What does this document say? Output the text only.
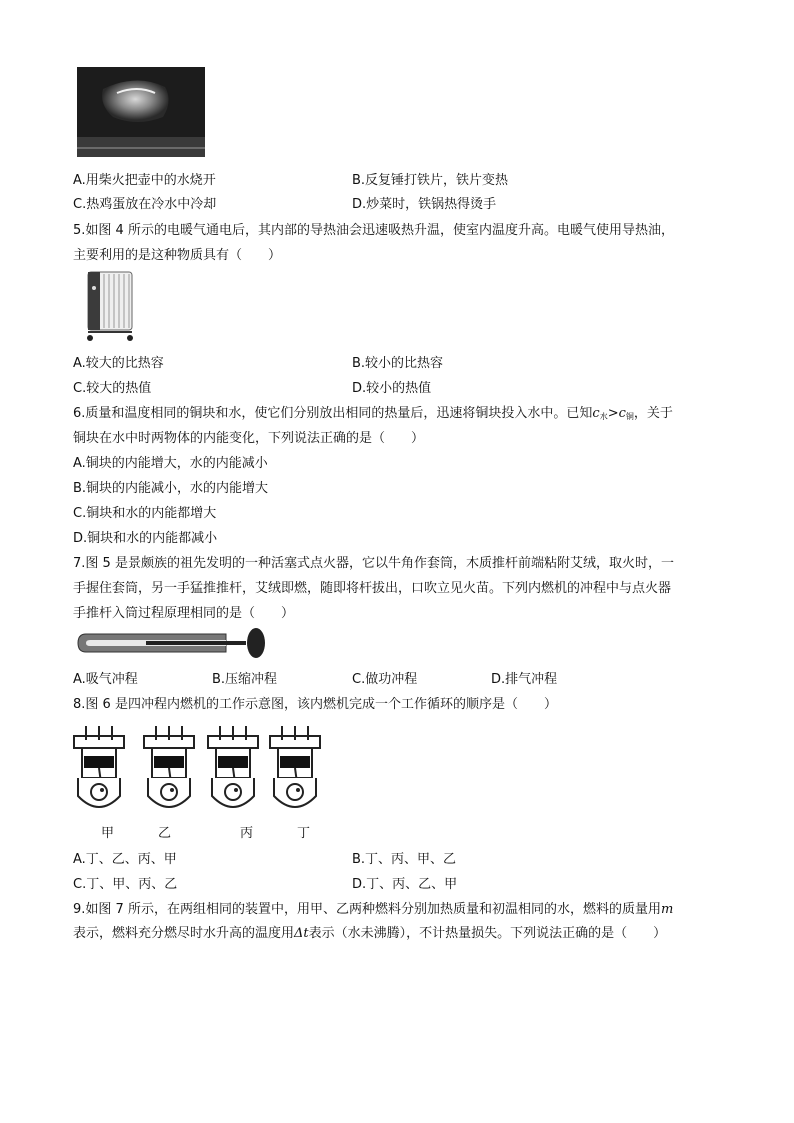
A.用柴火把壶中的水烧开	B.反复锤打铁片，铁片变热
C.热鸡蛋放在冷水中冷却	D.炒菜时，铁锅热得烫手
5.如图 4 所示的电暖气通电后，其内部的导热油会迅速吸热升温，使室内温度升高。电暖气使用导热油，
主要利用的是这种物质具有（　　）
A.较大的比热容	B.较小的比热容
C.较大的热值	D.较小的热值
6.质量和温度相同的铜块和水，使它们分别放出相同的热量后，迅速将铜块投入水中。已知$c_水>c_铜$，关于
铜块在水中时两物体的内能变化，下列说法正确的是（　　）
A.铜块的内能增大，水的内能减小
B.铜块的内能减小，水的内能增大
C.铜块和水的内能都增大
D.铜块和水的内能都减小
7.图 5 是景颇族的祖先发明的一种活塞式点火器，它以牛角作套筒，木质推杆前端粘附艾绒，取火时，一
手握住套筒，另一手猛推推杆，艾绒即燃，随即将杆拔出，口吹立见火苗。下列内燃机的冲程中与点火器
手推杆入筒过程原理相同的是（　　）
A.吸气冲程	B.压缩冲程	C.做功冲程	D.排气冲程
8.图 6 是四冲程内燃机的工作示意图，该内燃机完成一个工作循环的顺序是（　　）
甲	乙	丙	丁
A.丁、乙、丙、甲	B.丁、丙、甲、乙
C.丁、甲、丙、乙	D.丁、丙、乙、甲
9.如图 7 所示，在两组相同的装置中，用甲、乙两种燃料分别加热质量和初温相同的水，燃料的质量用m
表示，燃料充分燃尽时水升高的温度用Δt表示（水未沸腾），不计热量损失。下列说法正确的是（　　）
